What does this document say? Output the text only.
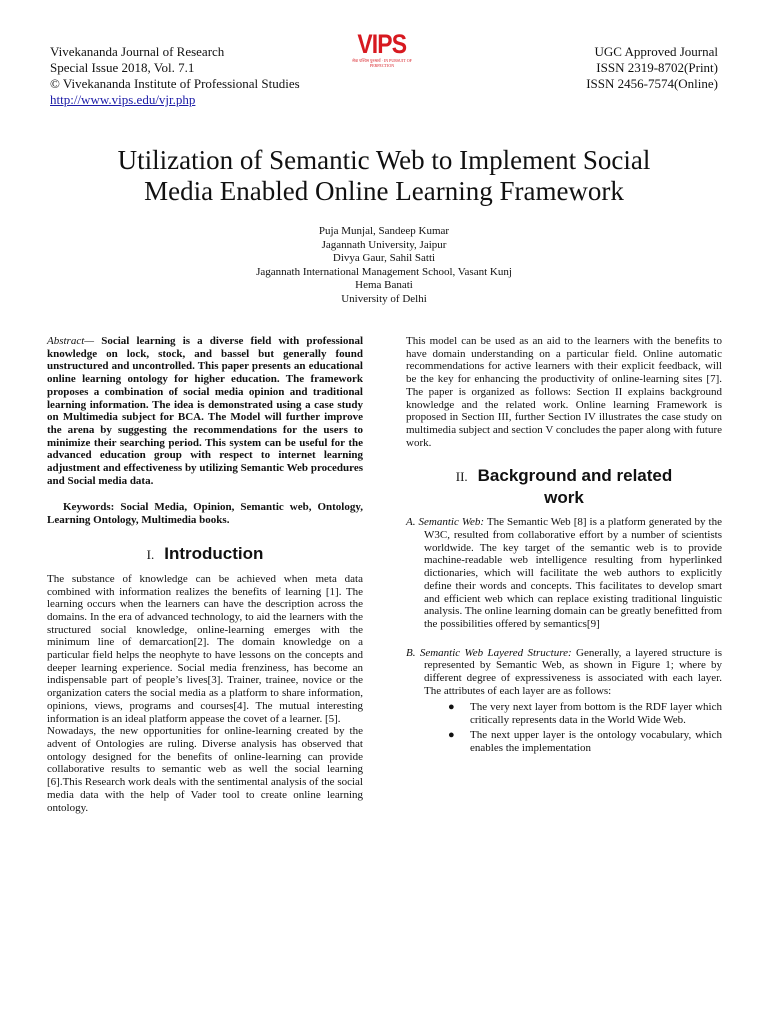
Vivekananda Journal of Research
Special Issue 2018, Vol. 7.1
© Vivekananda Institute of Professional Studies
http://www.vips.edu/vjr.php
VIPS
सेवा पश्चिम पुरुषार्थ · IN PURSUIT OF PERFECTION
UGC Approved Journal
ISSN 2319-8702(Print)
ISSN 2456-7574(Online)
Utilization of Semantic Web to Implement Social
Media Enabled Online Learning Framework
Puja Munjal, Sandeep Kumar
Jagannath University, Jaipur
Divya Gaur, Sahil Satti
Jagannath International Management School, Vasant Kunj
Hema Banati
University of Delhi

Abstract— Social learning is a diverse field with professional knowledge on lock, stock, and bassel but generally found unstructured and uncontrolled. This paper presents an educational online learning ontology for higher education. The framework proposes a combination of social media opinion and traditional learning information. The idea is demonstrated using a case study on Multimedia subject for BCA. The Model will further improve the arena by suggesting the recommendations for the users to minimize their searching period. This system can be useful for the advanced education group with respect to internet learning adjustment and effectiveness by utilizing Semantic Web procedures and Social media data.

Keywords: Social Media, Opinion, Semantic web, Ontology, Learning Ontology, Multimedia books.

I. Introduction

The substance of knowledge can be achieved when meta data combined with information realizes the benefits of learning [1]. The learning occurs when the learners can have the description across the domains. In the era of advanced technology, to aid the learners with the structured social knowledge, online-learning emerges with the minimum line of demarcation[2]. The domain knowledge on a particular field helps the neophyte to have lessons on the concepts and deeper learning experience. Social media frenziness, has become an indispensable part of people’s lives[3]. Trainer, trainee, novice or the organization caters the social media as a platform to share information, opinions, views, programs and courses[4]. The mutual interesting information is an ideal platform appease the covet of a learner. [5].

Nowadays, the new opportunities for online-learning created by the advent of Ontologies are ruling. Diverse analysis has observed that ontology designed for the benefits of online-learning can provide collaborative results to semantic web as well the social learning [6].This Research work deals with the sentimental analysis of the social media data with the help of Vader tool to create online learning ontology.

This model can be used as an aid to the learners with the benefits to have domain understanding on a particular field. Online automatic recommendations for active learners with their explicit feedback, will be the key for enhancing the productivity of online-learning sites [7]. The paper is organized as follows: Section II explains background knowledge and the related work. Online learning Framework is proposed in Section III, further Section IV illustrates the case study on multimedia subject and section V concludes the paper along with future work.

II. Background and related
work

A. Semantic Web: The Semantic Web [8] is a platform generated by the W3C, resulted from collaborative effort by a number of scientists worldwide. The key target of the semantic web is to provide machine-readable web intelligence resulting from hyperlinked dictionaries, which will facilitate the web authors to explicitly define their words and concepts. This facilitates to develop smart and efficient web which can replace existing traditional linguistic analysis. The online learning domain can be greatly benefitted from the possibilities offered by semantics[9]

B. Semantic Web Layered Structure: Generally, a layered structure is represented by Semantic Web, as shown in Figure 1; where by different degree of expressiveness is associated with each layer. The attributes of each layer are as follows:

● The very next layer from bottom is the RDF layer which critically represents data in the World Wide Web.
● The next upper layer is the ontology vocabulary, which enables the implementation
